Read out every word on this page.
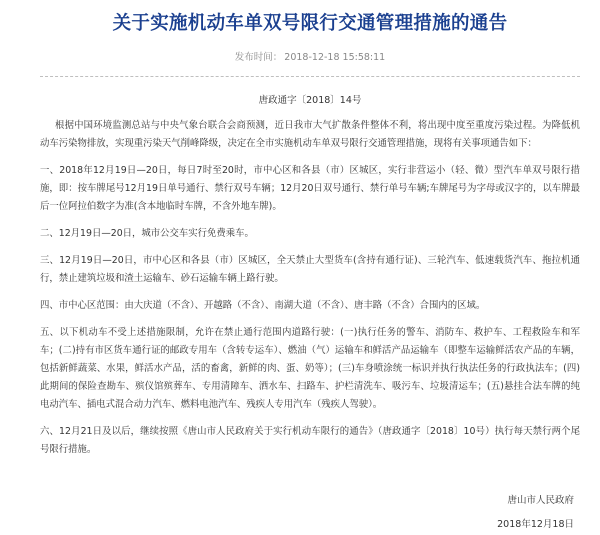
关于实施机动车单双号限行交通管理措施的通告
发布时间： 2018-12-18 15:58:11
唐政通字〔2018〕14号

根据中国环境监测总站与中央气象台联合会商预测，近日我市大气扩散条件整体不利，将出现中度至重度污染过程。为降低机动车污染物排放，实现重污染天气削峰降级，决定在全市实施机动车单双号限行交通管理措施，现将有关事项通告如下：

一、2018年12月19日—20日，每日7时至20时，市中心区和各县（市）区城区，实行非营运小（轻、微）型汽车单双号限行措施，即：按车牌尾号12月19日单号通行、禁行双号车辆；12月20日双号通行、禁行单号车辆;车牌尾号为字母或汉字的，以车牌最后一位阿拉伯数字为准(含本地临时车牌，不含外地车牌)。

二、12月19日—20日，城市公交车实行免费乘车。

三、12月19日—20日，市中心区和各县（市）区城区，全天禁止大型货车(含持有通行证)、三轮汽车、低速载货汽车、拖拉机通行，禁止建筑垃圾和渣土运输车、砂石运输车辆上路行驶。

四、市中心区范围：由大庆道（不含）、开越路（不含）、南湖大道（不含）、唐丰路（不含）合围内的区域。

五、以下机动车不受上述措施限制，允许在禁止通行范围内道路行驶：(一)执行任务的警车、消防车、救护车、工程救险车和军车；(二)持有市区货车通行证的邮政专用车（含转专运车）、燃油（气）运输车和鲜活产品运输车（即整车运输鲜活农产品的车辆，包括新鲜蔬菜、水果，鲜活水产品，活的畜禽，新鲜的肉、蛋、奶等）；(三)车身喷涂统一标识并执行执法任务的行政执法车；(四)此期间的保险查勘车、殡仪馆殡葬车、专用清障车、洒水车、扫路车、护栏清洗车、吸污车、垃圾清运车；(五)悬挂合法车牌的纯电动汽车、插电式混合动力汽车、燃料电池汽车、残疾人专用汽车（残疾人驾驶）。

六、12月21日及以后，继续按照《唐山市人民政府关于实行机动车限行的通告》（唐政通字〔2018〕10号）执行每天禁行两个尾号限行措施。

唐山市人民政府
2018年12月18日
